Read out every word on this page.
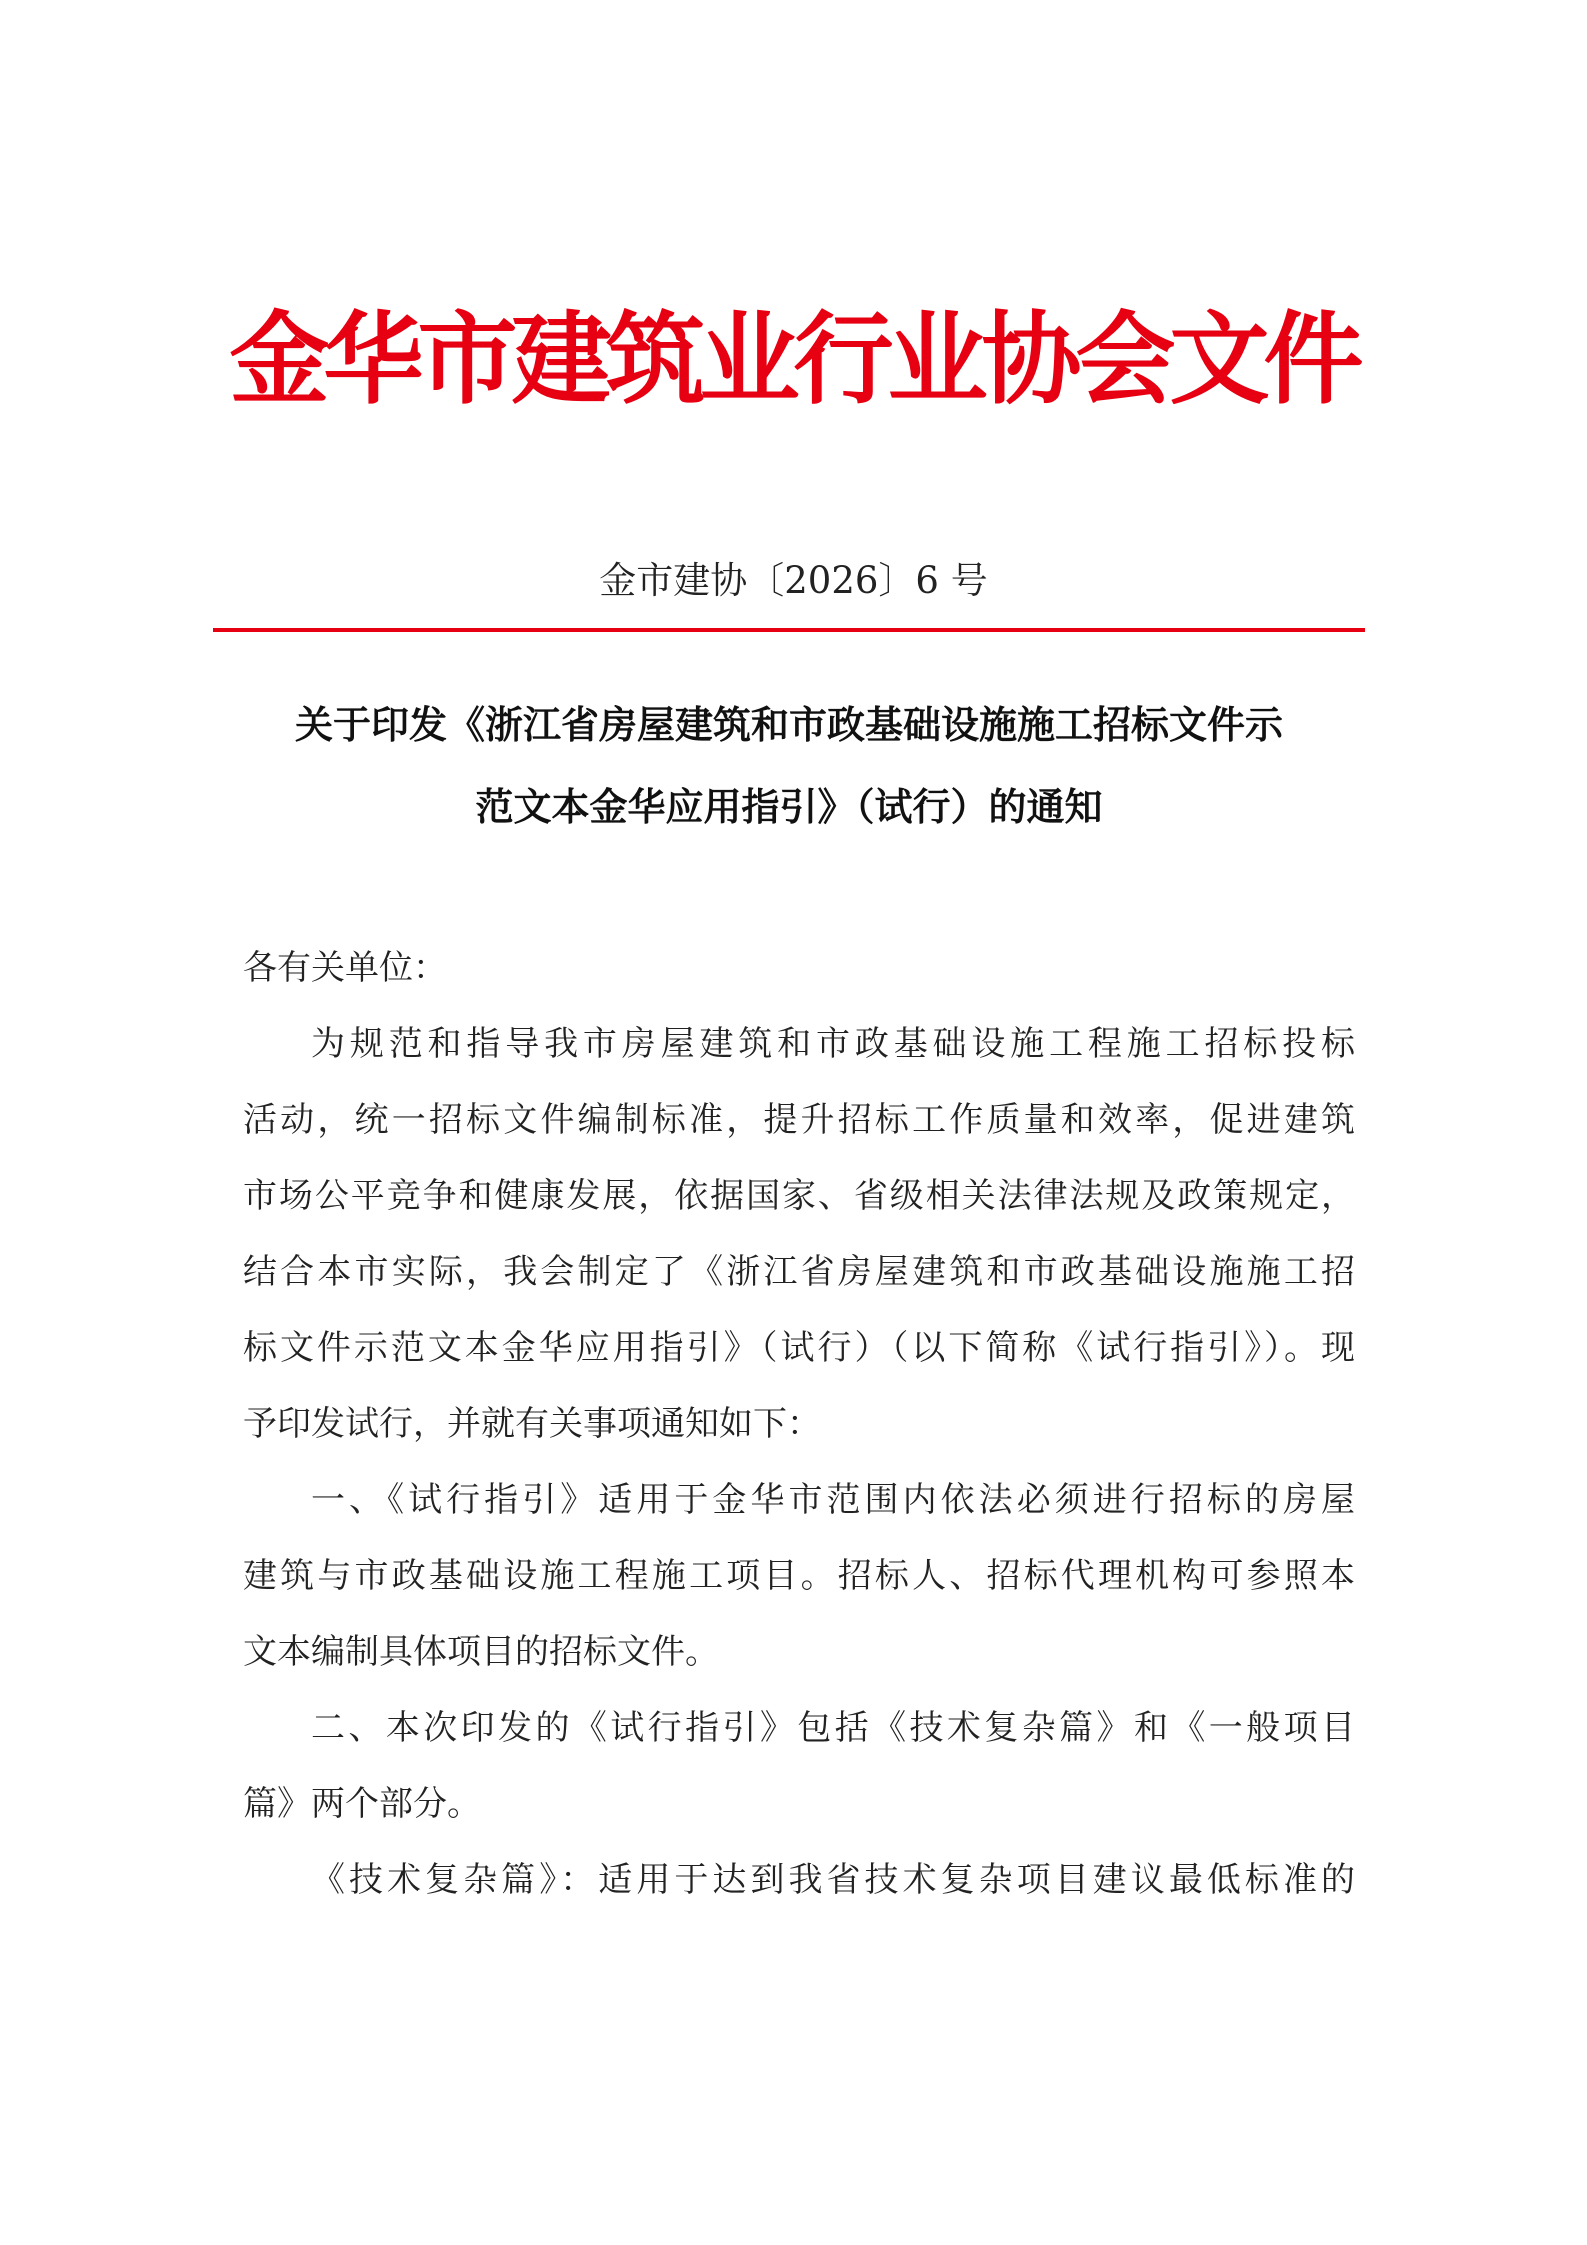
金华市建筑业行业协会文件
金市建协〔2026〕6 号
关于印发《浙江省房屋建筑和市政基础设施施工招标文件示
范文本金华应用指引》（试行）的通知

各有关单位：

为规范和指导我市房屋建筑和市政基础设施工程施工招标投标
活动，统一招标文件编制标准，提升招标工作质量和效率，促进建筑
市场公平竞争和健康发展，依据国家、省级相关法律法规及政策规定，
结合本市实际，我会制定了《浙江省房屋建筑和市政基础设施施工招
标文件示范文本金华应用指引》（试行）（以下简称《试行指引》）。现
予印发试行，并就有关事项通知如下：

一、《试行指引》适用于金华市范围内依法必须进行招标的房屋
建筑与市政基础设施工程施工项目。招标人、招标代理机构可参照本
文本编制具体项目的招标文件。

二、本次印发的《试行指引》包括《技术复杂篇》和《一般项目
篇》两个部分。

《技术复杂篇》：适用于达到我省技术复杂项目建议最低标准的
